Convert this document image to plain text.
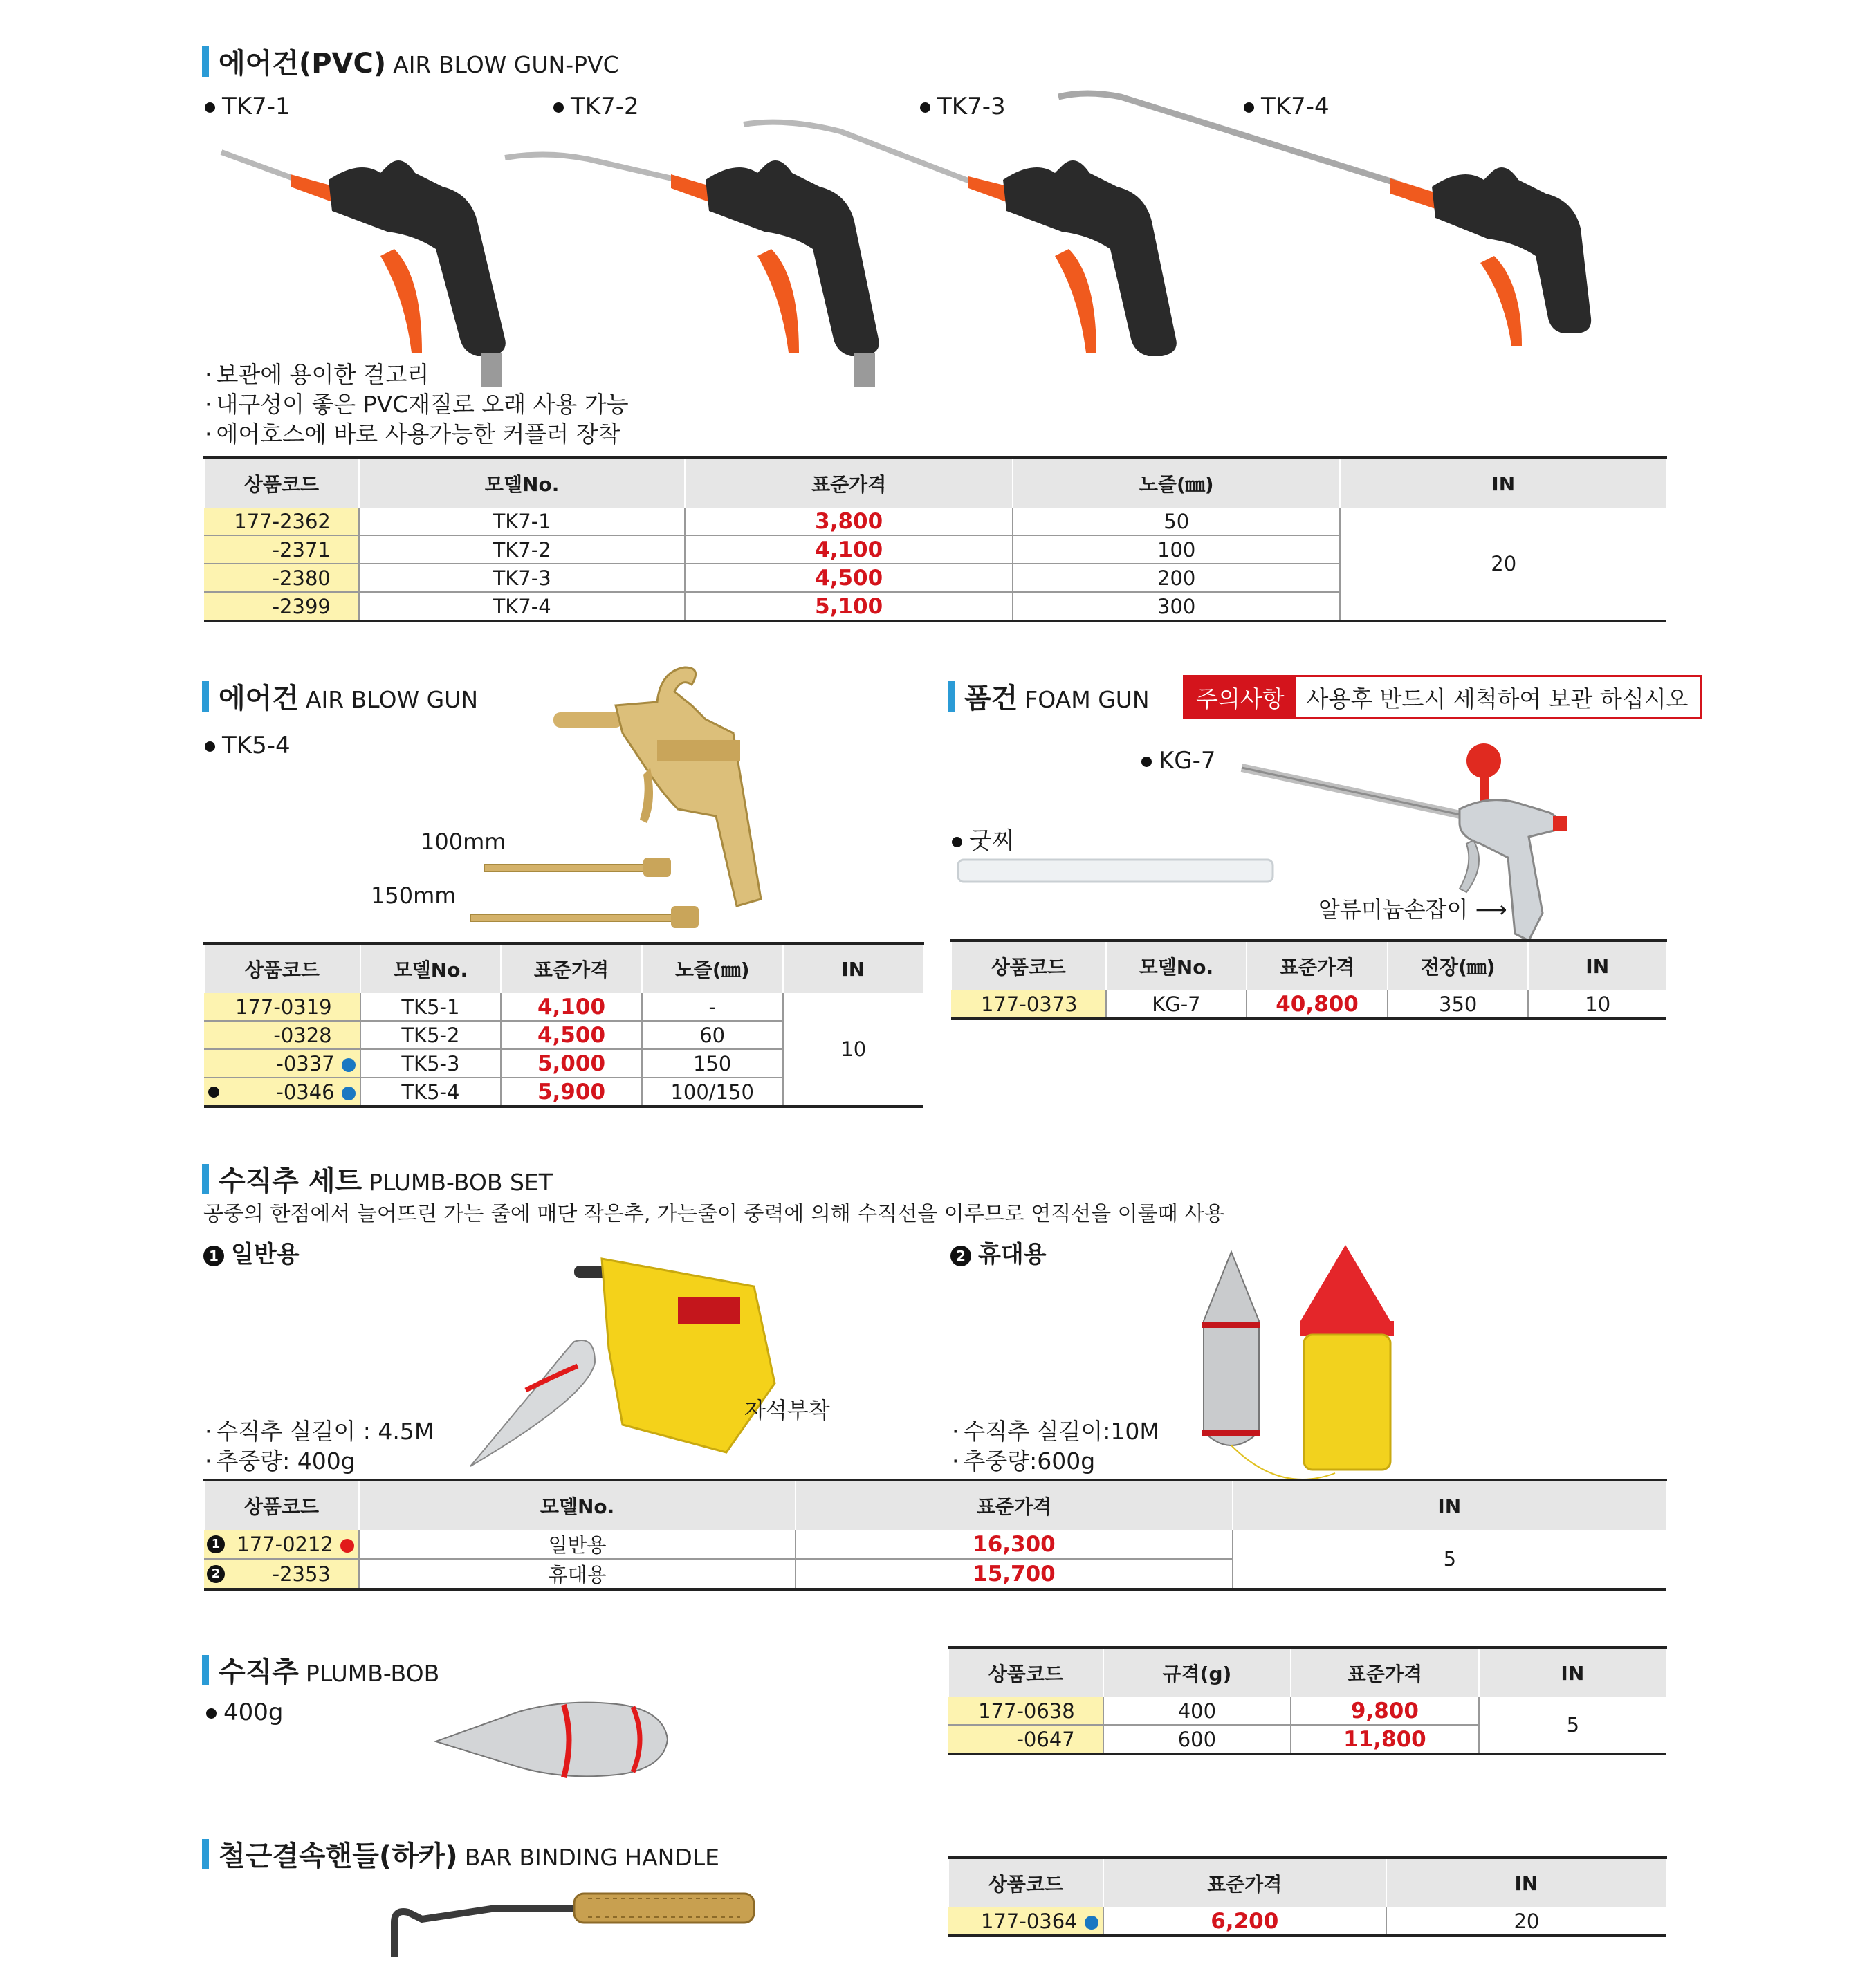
에어건(PVC) AIR BLOW GUN-PVC
TK7-1	TK7-2	TK7-3	TK7-4
· 보관에 용이한 걸고리
· 내구성이 좋은 PVC재질로 오래 사용 가능
· 에어호스에 바로 사용가능한 커플러 장착
상품코드	모델No.	표준가격	노즐(㎜)	IN
177-2362	TK7-1	3,800	50	20
-2371	TK7-2	4,100	100	
-2380	TK7-3	4,500	200	
-2399	TK7-4	5,100	300	
에어건 AIR BLOW GUN
TK5-4
100mm
150mm
상품코드	모델No.	표준가격	노즐(㎜)	IN
177-0319	TK5-1	4,100	-	10
-0328	TK5-2	4,500	60	
-0337	TK5-3	5,000	150	

-0346	TK5-4	5,900	100/150	
폼건 FOAM GUN	주의사항 사용후 반드시 세척하여 보관 하십시오
KG-7
굿찌
알류미늄손잡이 ⟶
상품코드	모델No.	표준가격	전장(㎜)	IN
177-0373	KG-7	40,800	350	10
수직추 세트 PLUMB-BOB SET
공중의 한점에서 늘어뜨린 가는 줄에 매단 작은추, 가는줄이 중력에 의해 수직선을 이루므로 연직선을 이룰때 사용
1 일반용	2 휴대용
자석부착
· 수직추 실길이 : 4.5M
· 추중량: 400g
· 수직추 실길이:10M
· 추중량:600g
상품코드	모델No.	표준가격	IN

1 177-0212	일반용	16,300	5

2 -2353	휴대용	15,700	
수직추 PLUMB-BOB
400g
상품코드	규격(g)	표준가격	IN
177-0638	400	9,800	5
-0647	600	11,800	
철근결속핸들(하카) BAR BINDING HANDLE
상품코드	표준가격	IN
177-0364	6,200	20
